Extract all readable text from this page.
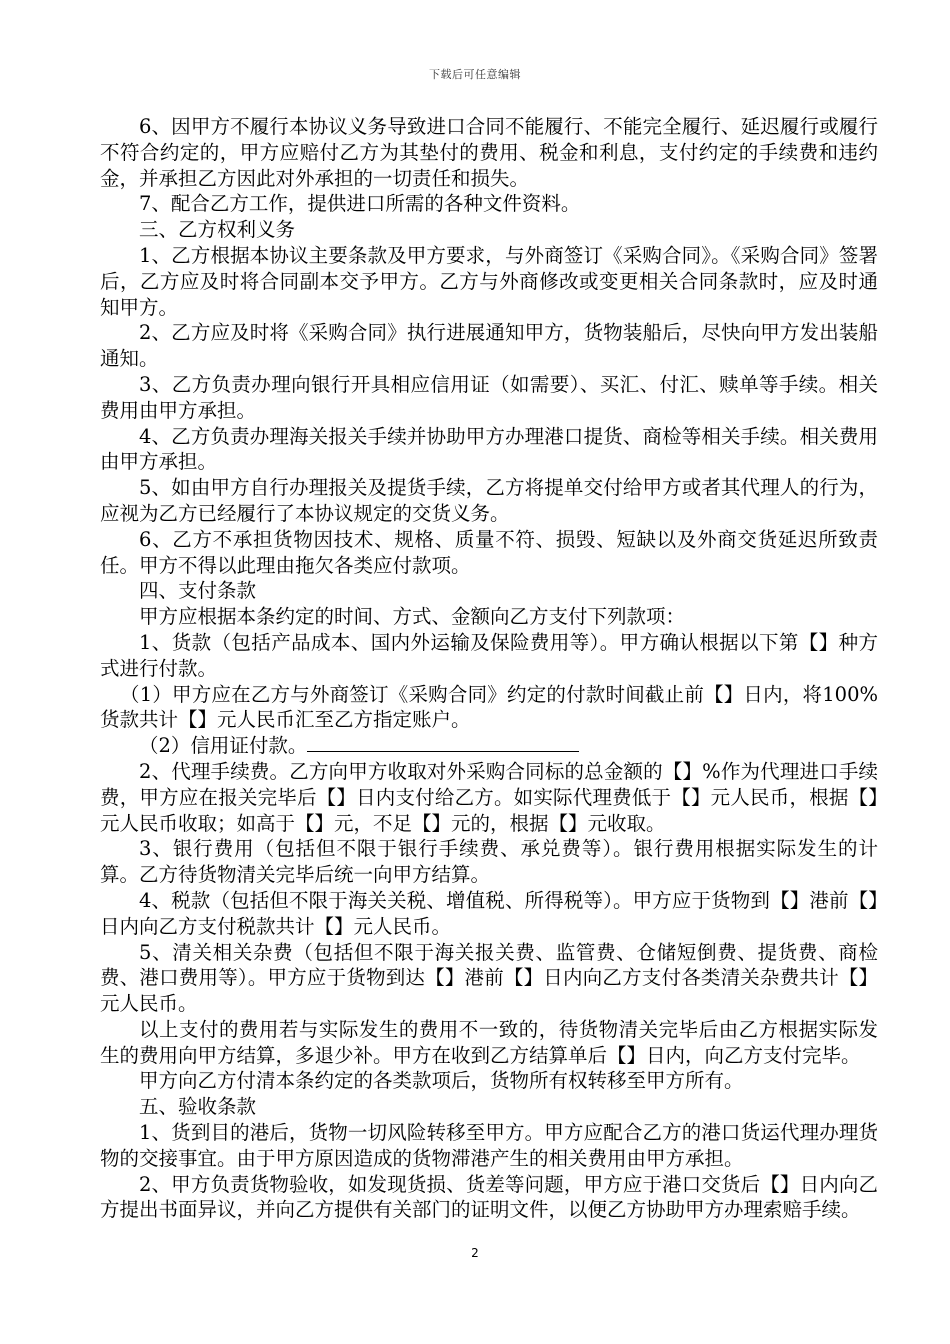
下载后可任意编辑

6、因甲方不履行本协议义务导致进口合同不能履行、不能完全履行、延迟履行或履行不符合约定的，甲方应赔付乙方为其垫付的费用、税金和利息，支付约定的手续费和违约金，并承担乙方因此对外承担的一切责任和损失。

7、配合乙方工作，提供进口所需的各种文件资料。

三、乙方权利义务

1、乙方根据本协议主要条款及甲方要求，与外商签订《采购合同》。《采购合同》签署后，乙方应及时将合同副本交予甲方。乙方与外商修改或变更相关合同条款时，应及时通知甲方。

2、乙方应及时将《采购合同》执行进展通知甲方，货物装船后，尽快向甲方发出装船通知。

3、乙方负责办理向银行开具相应信用证（如需要）、买汇、付汇、赎单等手续。相关费用由甲方承担。

4、乙方负责办理海关报关手续并协助甲方办理港口提货、商检等相关手续。相关费用由甲方承担。

5、如由甲方自行办理报关及提货手续，乙方将提单交付给甲方或者其代理人的行为，应视为乙方已经履行了本协议规定的交货义务。

6、乙方不承担货物因技术、规格、质量不符、损毁、短缺以及外商交货延迟所致责任。甲方不得以此理由拖欠各类应付款项。

四、支付条款

甲方应根据本条约定的时间、方式、金额向乙方支付下列款项：

1、货款（包括产品成本、国内外运输及保险费用等）。甲方确认根据以下第【】种方式进行付款。

（1）甲方应在乙方与外商签订《采购合同》约定的付款时间截止前【】日内，将100%货款共计【】元人民币汇至乙方指定账户。

（2）信用证付款。

2、代理手续费。乙方向甲方收取对外采购合同标的总金额的【】%作为代理进口手续费，甲方应在报关完毕后【】日内支付给乙方。如实际代理费低于【】元人民币，根据【】元人民币收取；如高于【】元，不足【】元的，根据【】元收取。

3、银行费用（包括但不限于银行手续费、承兑费等）。银行费用根据实际发生的计算。乙方待货物清关完毕后统一向甲方结算。

4、税款（包括但不限于海关关税、增值税、所得税等）。甲方应于货物到【】港前【】日内向乙方支付税款共计【】元人民币。

5、清关相关杂费（包括但不限于海关报关费、监管费、仓储短倒费、提货费、商检费、港口费用等）。甲方应于货物到达【】港前【】日内向乙方支付各类清关杂费共计【】元人民币。

以上支付的费用若与实际发生的费用不一致的，待货物清关完毕后由乙方根据实际发生的费用向甲方结算，多退少补。甲方在收到乙方结算单后【】日内，向乙方支付完毕。

甲方向乙方付清本条约定的各类款项后，货物所有权转移至甲方所有。

五、验收条款

1、货到目的港后，货物一切风险转移至甲方。甲方应配合乙方的港口货运代理办理货物的交接事宜。由于甲方原因造成的货物滞港产生的相关费用由甲方承担。

2、甲方负责货物验收，如发现货损、货差等问题，甲方应于港口交货后【】日内向乙方提出书面异议，并向乙方提供有关部门的证明文件，以便乙方协助甲方办理索赔手续。

2
